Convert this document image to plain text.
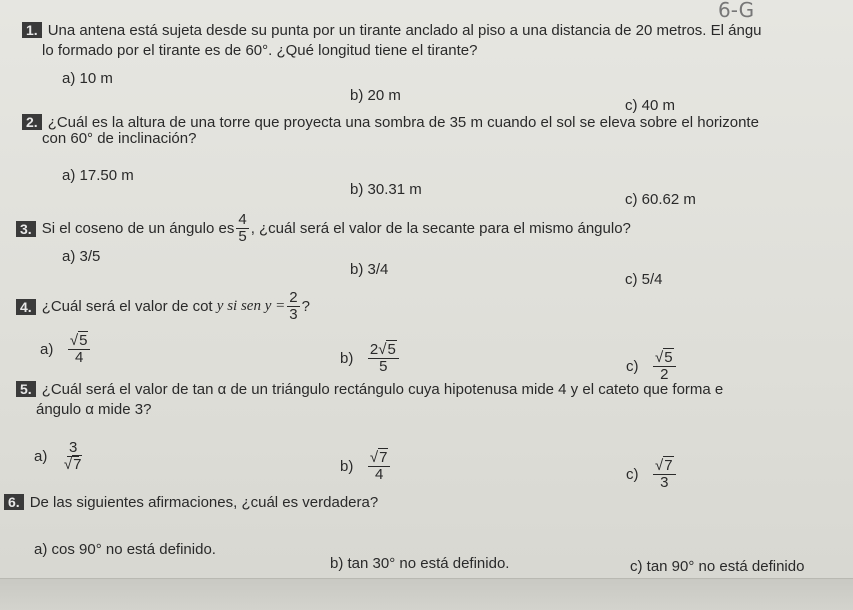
6-G
1. Una antena está sujeta desde su punta por un tirante anclado al piso a una distancia de 20 metros. El ángu
lo formado por el tirante es de 60°. ¿Qué longitud tiene el tirante?
a) 10 m
b) 20 m
c) 40 m
2. ¿Cuál es la altura de una torre que proyecta una sombra de 35 m cuando el sol se eleva sobre el horizonte
con 60° de inclinación?
a) 17.50 m
b) 30.31 m
c) 60.62 m
3. Si el coseno de un ángulo es $\frac{4}{5}$ , ¿cuál será el valor de la secante para el mismo ángulo?
a) 3/5
b) 3/4
c) 5/4
4. ¿Cuál será el valor de cot
y si sen $y = \frac{2}{3}$ ?
a)
$\frac{√5}{4}$	b)
$\frac{2√5}{5}$	c)
$\frac{√5}{2}$
5. ¿Cuál será el valor de tan α de un triángulo rectángulo cuya hipotenusa mide 4 y el cateto que forma e
ángulo α mide 3?
a)
$\frac{3}{√7}$	b)
$\frac{√7}{4}$	c)
$\frac{√7}{3}$
6. De las siguientes afirmaciones, ¿cuál es verdadera?
a) cos 90° no está definido.
b) tan 30° no está definido.	c) tan 90° no está definido
